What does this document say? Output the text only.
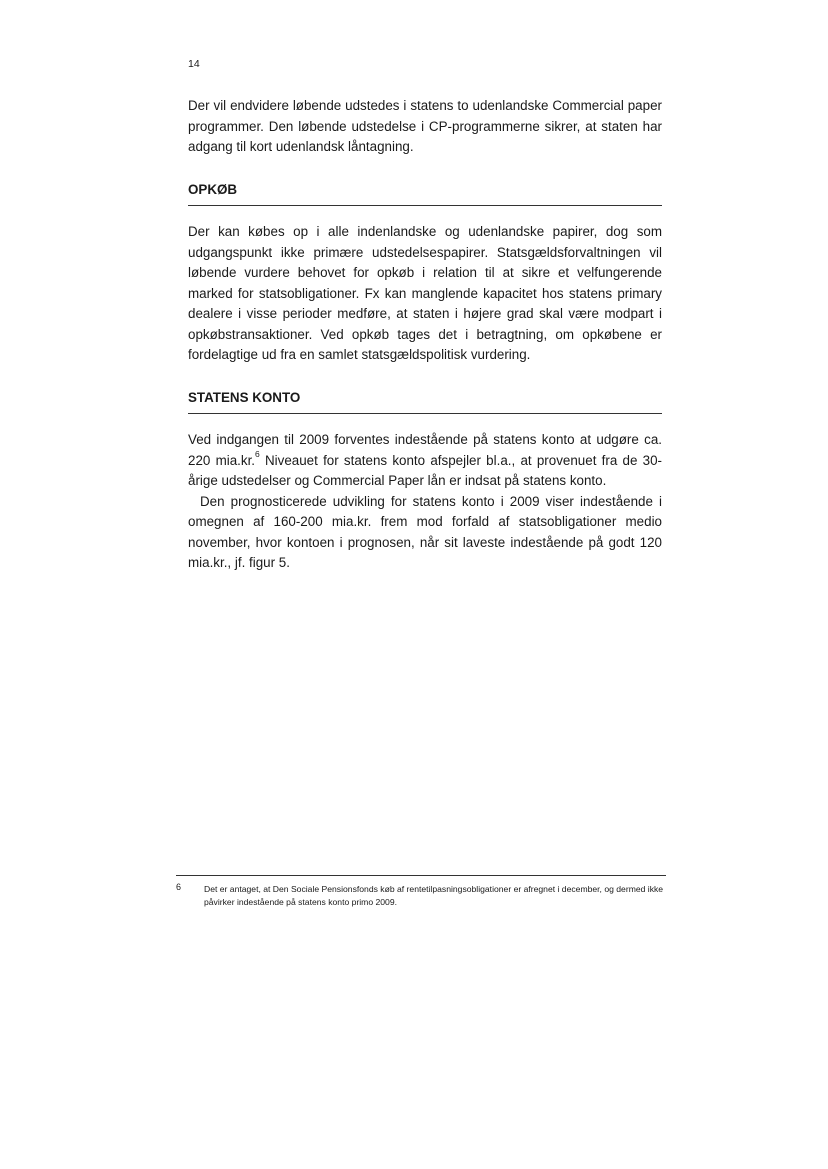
14

Der vil endvidere løbende udstedes i statens to udenlandske Commercial paper programmer. Den løbende udstedelse i CP-programmerne sikrer, at staten har adgang til kort udenlandsk låntagning.

OPKØB

Der kan købes op i alle indenlandske og udenlandske papirer, dog som udgangspunkt ikke primære udstedelsespapirer. Statsgældsforvaltningen vil løbende vurdere behovet for opkøb i relation til at sikre et velfungerende marked for statsobligationer. Fx kan manglende kapacitet hos statens primary dealere i visse perioder medføre, at staten i højere grad skal være modpart i opkøbstransaktioner. Ved opkøb tages det i betragtning, om opkøbene er fordelagtige ud fra en samlet statsgældspolitisk vurdering.

STATENS KONTO

Ved indgangen til 2009 forventes indestående på statens konto at udgøre ca. 220 mia.kr.$^6$ Niveauet for statens konto afspejler bl.a., at provenuet fra de 30-årige udstedelser og Commercial Paper lån er indsat på statens konto.

Den prognosticerede udvikling for statens konto i 2009 viser indestående i omegnen af 160-200 mia.kr. frem mod forfald af statsobligationer medio november, hvor kontoen i prognosen, når sit laveste indestående på godt 120 mia.kr., jf. figur 5.

6	Det er antaget, at Den Sociale Pensionsfonds køb af rentetilpasningsobligationer er afregnet i december, og dermed ikke påvirker indestående på statens konto primo 2009.
